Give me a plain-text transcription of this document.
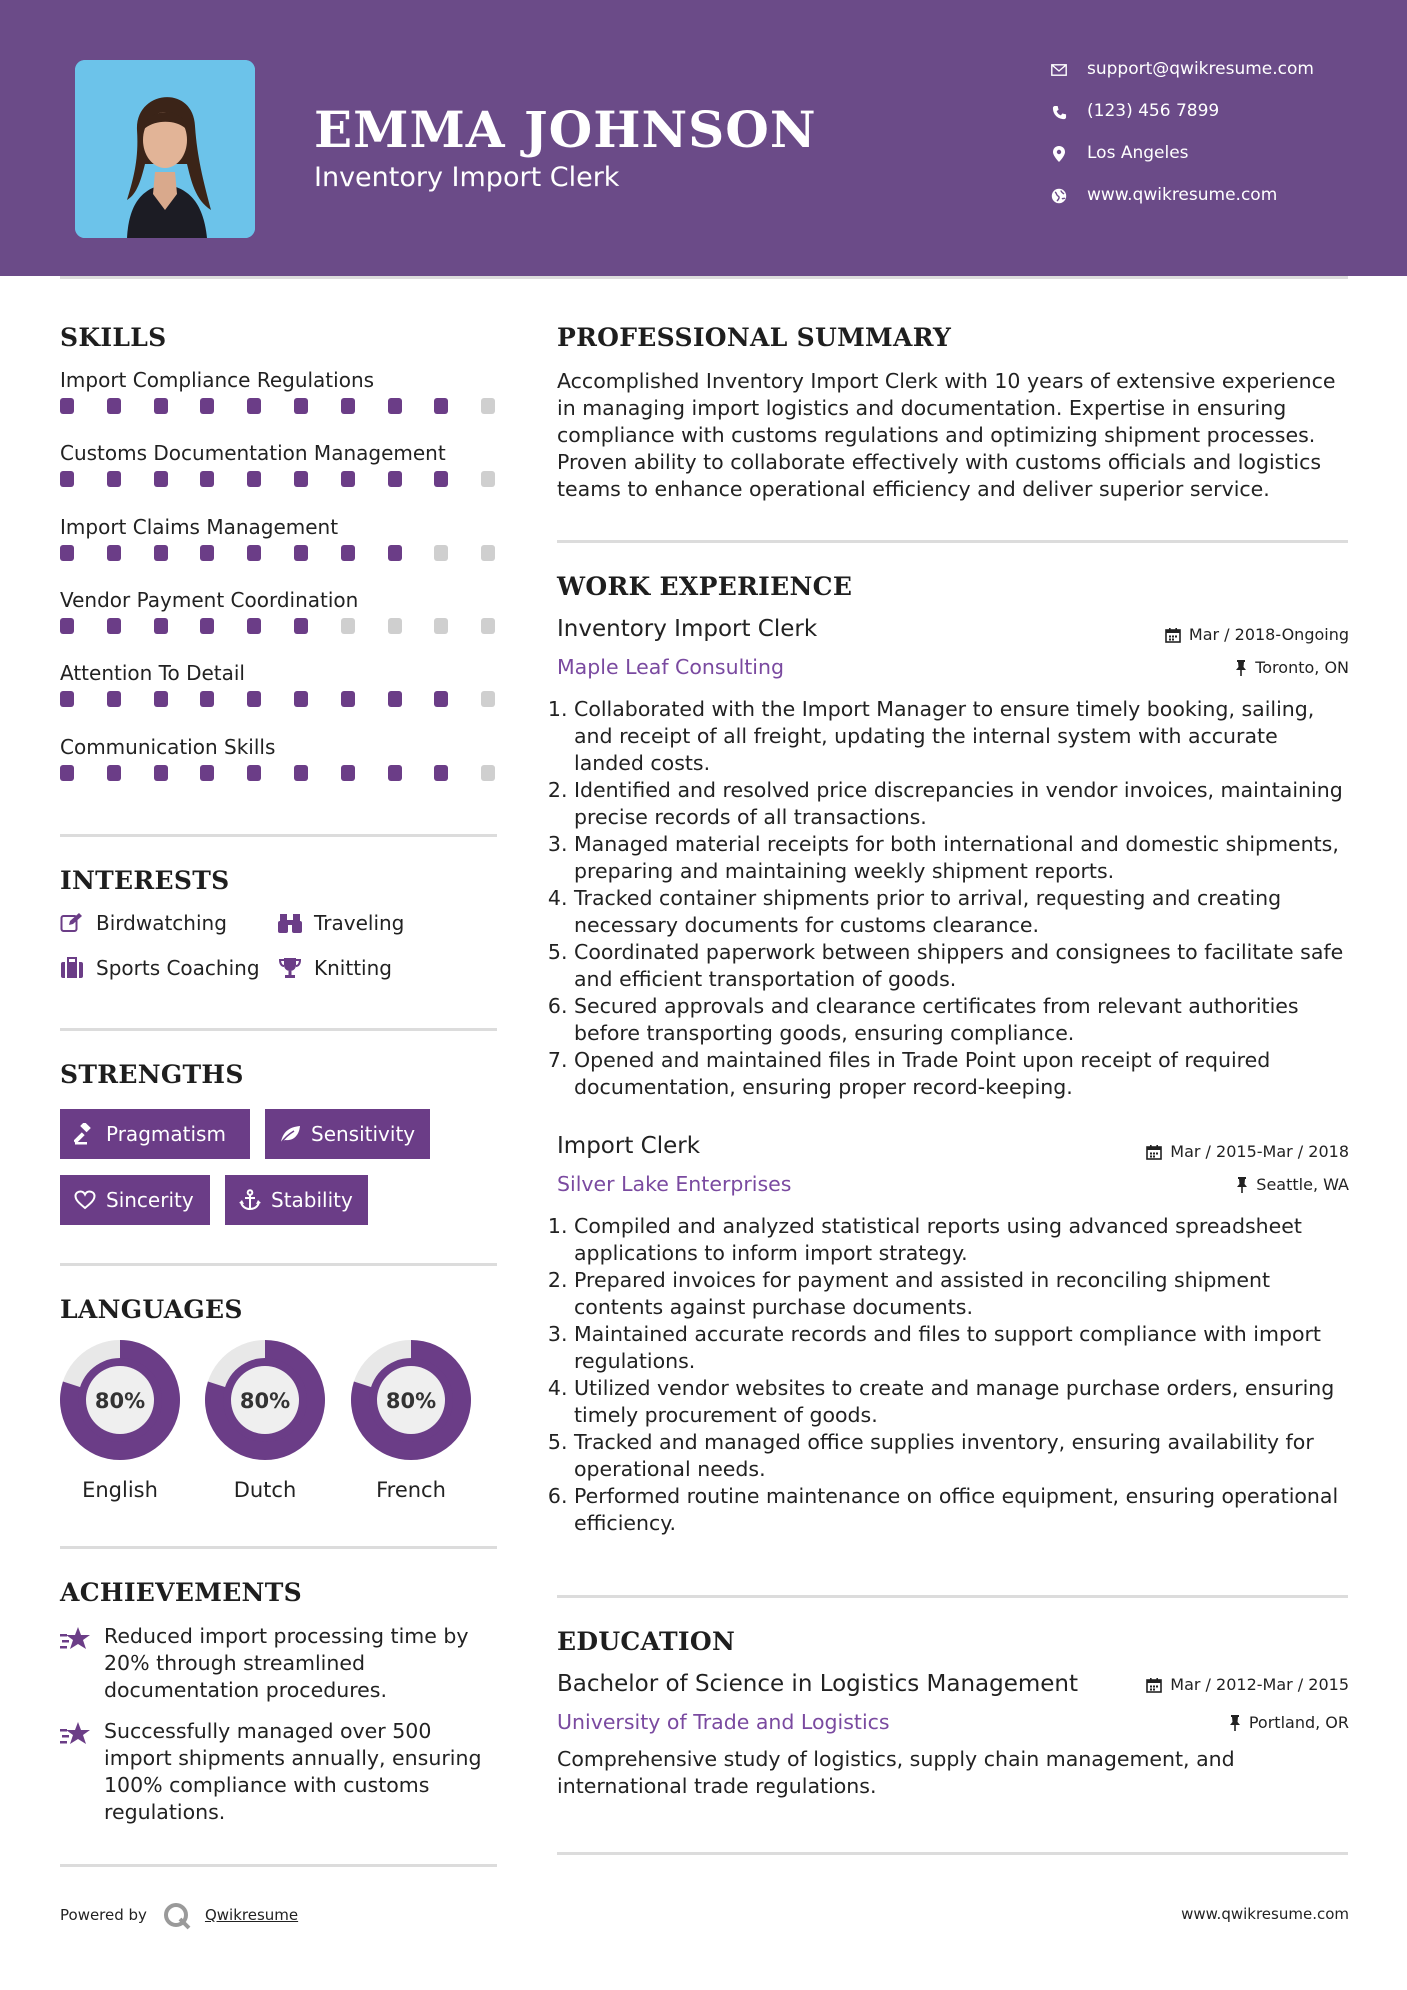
EMMA JOHNSON
Inventory Import Clerk
support@qwikresume.com
(123) 456 7899
Los Angeles
www.qwikresume.com
SKILLS
Import Compliance Regulations
Customs Documentation Management
Import Claims Management
Vendor Payment Coordination
Attention To Detail
Communication Skills
INTERESTS
Birdwatching	Traveling
Sports Coaching	Knitting
STRENGTHS
Pragmatism	Sensitivity
Sincerity	Stability
LANGUAGES
80%
English
80%
Dutch
80%
French
ACHIEVEMENTS
Reduced import processing time by 20% through streamlined documentation procedures.
Successfully managed over 500 import shipments annually, ensuring 100% compliance with customs regulations.
PROFESSIONAL SUMMARY
Accomplished Inventory Import Clerk with 10 years of extensive experience in managing import logistics and documentation. Expertise in ensuring compliance with customs regulations and optimizing shipment processes. Proven ability to collaborate effectively with customs officials and logistics teams to enhance operational efficiency and deliver superior service.
WORK EXPERIENCE
Inventory Import Clerk	Mar / 2018-Ongoing
Maple Leaf Consulting	Toronto, ON
1. Collaborated with the Import Manager to ensure timely booking, sailing, and receipt of all freight, updating the internal system with accurate landed costs.
2. Identified and resolved price discrepancies in vendor invoices, maintaining precise records of all transactions.
3. Managed material receipts for both international and domestic shipments, preparing and maintaining weekly shipment reports.
4. Tracked container shipments prior to arrival, requesting and creating necessary documents for customs clearance.
5. Coordinated paperwork between shippers and consignees to facilitate safe and efficient transportation of goods.
6. Secured approvals and clearance certificates from relevant authorities before transporting goods, ensuring compliance.
7. Opened and maintained files in Trade Point upon receipt of required documentation, ensuring proper record-keeping.
Import Clerk	Mar / 2015-Mar / 2018
Silver Lake Enterprises	Seattle, WA
1. Compiled and analyzed statistical reports using advanced spreadsheet applications to inform import strategy.
2. Prepared invoices for payment and assisted in reconciling shipment contents against purchase documents.
3. Maintained accurate records and files to support compliance with import regulations.
4. Utilized vendor websites to create and manage purchase orders, ensuring timely procurement of goods.
5. Tracked and managed office supplies inventory, ensuring availability for operational needs.
6. Performed routine maintenance on office equipment, ensuring operational efficiency.
EDUCATION
Bachelor of Science in Logistics Management	Mar / 2012-Mar / 2015
University of Trade and Logistics	Portland, OR
Comprehensive study of logistics, supply chain management, and international trade regulations.
Powered by	Qwikresume	www.qwikresume.com
